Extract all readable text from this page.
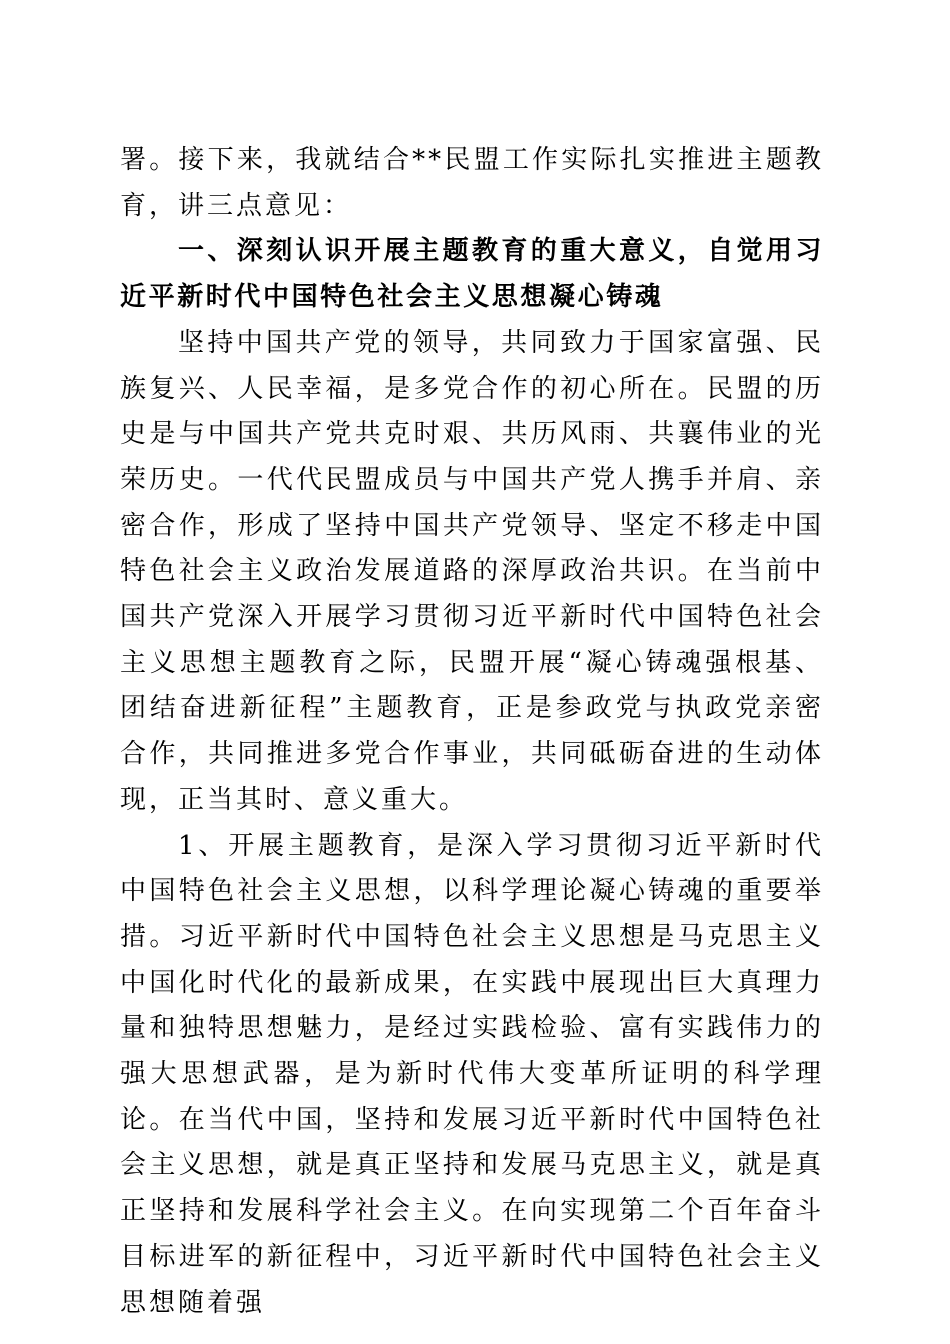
署。接下来，我就结合**民盟工作实际扎实推进主题教育，讲三点意见：

一、深刻认识开展主题教育的重大意义，自觉用习近平新时代中国特色社会主义思想凝心铸魂

坚持中国共产党的领导，共同致力于国家富强、民族复兴、人民幸福，是多党合作的初心所在。民盟的历史是与中国共产党共克时艰、共历风雨、共襄伟业的光荣历史。一代代民盟成员与中国共产党人携手并肩、亲密合作，形成了坚持中国共产党领导、坚定不移走中国特色社会主义政治发展道路的深厚政治共识。在当前中国共产党深入开展学习贯彻习近平新时代中国特色社会主义思想主题教育之际，民盟开展“凝心铸魂强根基、团结奋进新征程”主题教育，正是参政党与执政党亲密合作，共同推进多党合作事业，共同砥砺奋进的生动体现，正当其时、意义重大。

1、开展主题教育，是深入学习贯彻习近平新时代中国特色社会主义思想，以科学理论凝心铸魂的重要举措。习近平新时代中国特色社会主义思想是马克思主义中国化时代化的最新成果，在实践中展现出巨大真理力量和独特思想魅力，是经过实践检验、富有实践伟力的强大思想武器，是为新时代伟大变革所证明的科学理论。在当代中国，坚持和发展习近平新时代中国特色社会主义思想，就是真正坚持和发展马克思主义，就是真正坚持和发展科学社会主义。在向实现第二个百年奋斗目标进军的新征程中，习近平新时代中国特色社会主义思想随着强
